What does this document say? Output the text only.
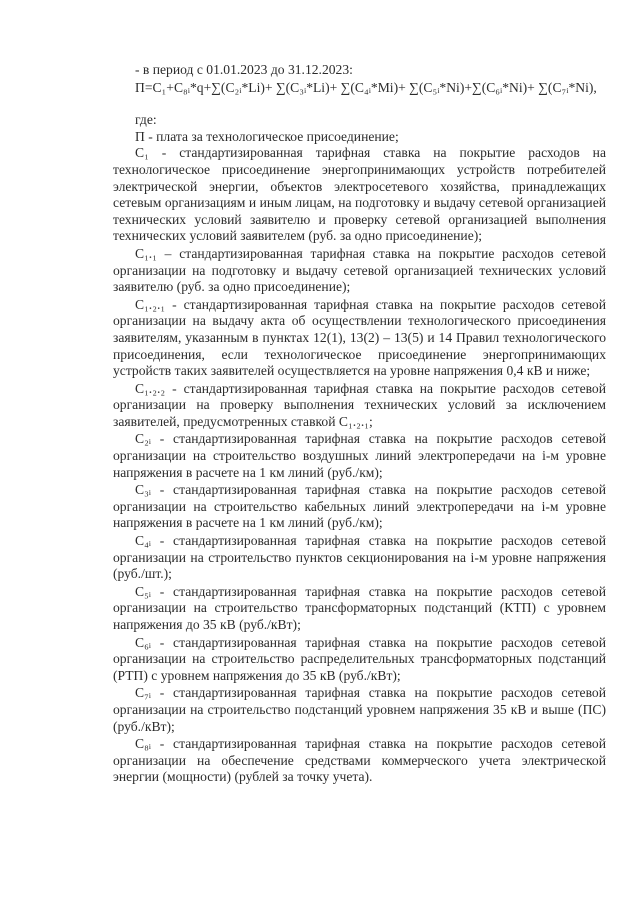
- в период с 01.01.2023 до 31.12.2023:

П=С₁+С₈ᵢ*q+∑(С₂ᵢ*Li)+ ∑(С₃ᵢ*Li)+ ∑(С₄ᵢ*Mi)+ ∑(С₅ᵢ*Ni)+∑(С₆ᵢ*Ni)+ ∑(С₇ᵢ*Ni),

где:

П - плата за технологическое присоединение;

С₁ - стандартизированная тарифная ставка на покрытие расходов на технологическое присоединение энергопринимающих устройств потребителей электрической энергии, объектов электросетевого хозяйства, принадлежащих сетевым организациям и иным лицам, на подготовку и выдачу сетевой организацией технических условий заявителю и проверку сетевой организацией выполнения технических условий заявителем (руб. за одно присоединение);

С₁.₁ – стандартизированная тарифная ставка на покрытие расходов сетевой организации на подготовку и выдачу сетевой организацией технических условий заявителю (руб. за одно присоединение);

С₁.₂.₁ - стандартизированная тарифная ставка на покрытие расходов сетевой организации на выдачу акта об осуществлении технологического присоединения заявителям, указанным в пунктах 12(1), 13(2) – 13(5) и 14 Правил технологического присоединения, если технологическое присоединение энергопринимающих устройств таких заявителей осуществляется на уровне напряжения 0,4 кВ и ниже;

С₁.₂.₂ - стандартизированная тарифная ставка на покрытие расходов сетевой организации на проверку выполнения технических условий за исключением заявителей, предусмотренных ставкой С₁.₂.₁;

С₂ᵢ - стандартизированная тарифная ставка на покрытие расходов сетевой организации на строительство воздушных линий электропередачи на i-м уровне напряжения в расчете на 1 км линий (руб./км);

С₃ᵢ - стандартизированная тарифная ставка на покрытие расходов сетевой организации на строительство кабельных линий электропередачи на i-м уровне напряжения в расчете на 1 км линий (руб./км);

С₄ᵢ - стандартизированная тарифная ставка на покрытие расходов сетевой организации на строительство пунктов секционирования на i-м уровне напряжения (руб./шт.);

С₅ᵢ - стандартизированная тарифная ставка на покрытие расходов сетевой организации на строительство трансформаторных подстанций (КТП) с уровнем напряжения до 35 кВ (руб./кВт);

С₆ᵢ - стандартизированная тарифная ставка на покрытие расходов сетевой организации на строительство распределительных трансформаторных подстанций (РТП) с уровнем напряжения до 35 кВ (руб./кВт);

С₇ᵢ - стандартизированная тарифная ставка на покрытие расходов сетевой организации на строительство подстанций уровнем напряжения 35 кВ и выше (ПС) (руб./кВт);

С₈ᵢ - стандартизированная тарифная ставка на покрытие расходов сетевой организации на обеспечение средствами коммерческого учета электрической энергии (мощности) (рублей за точку учета).
